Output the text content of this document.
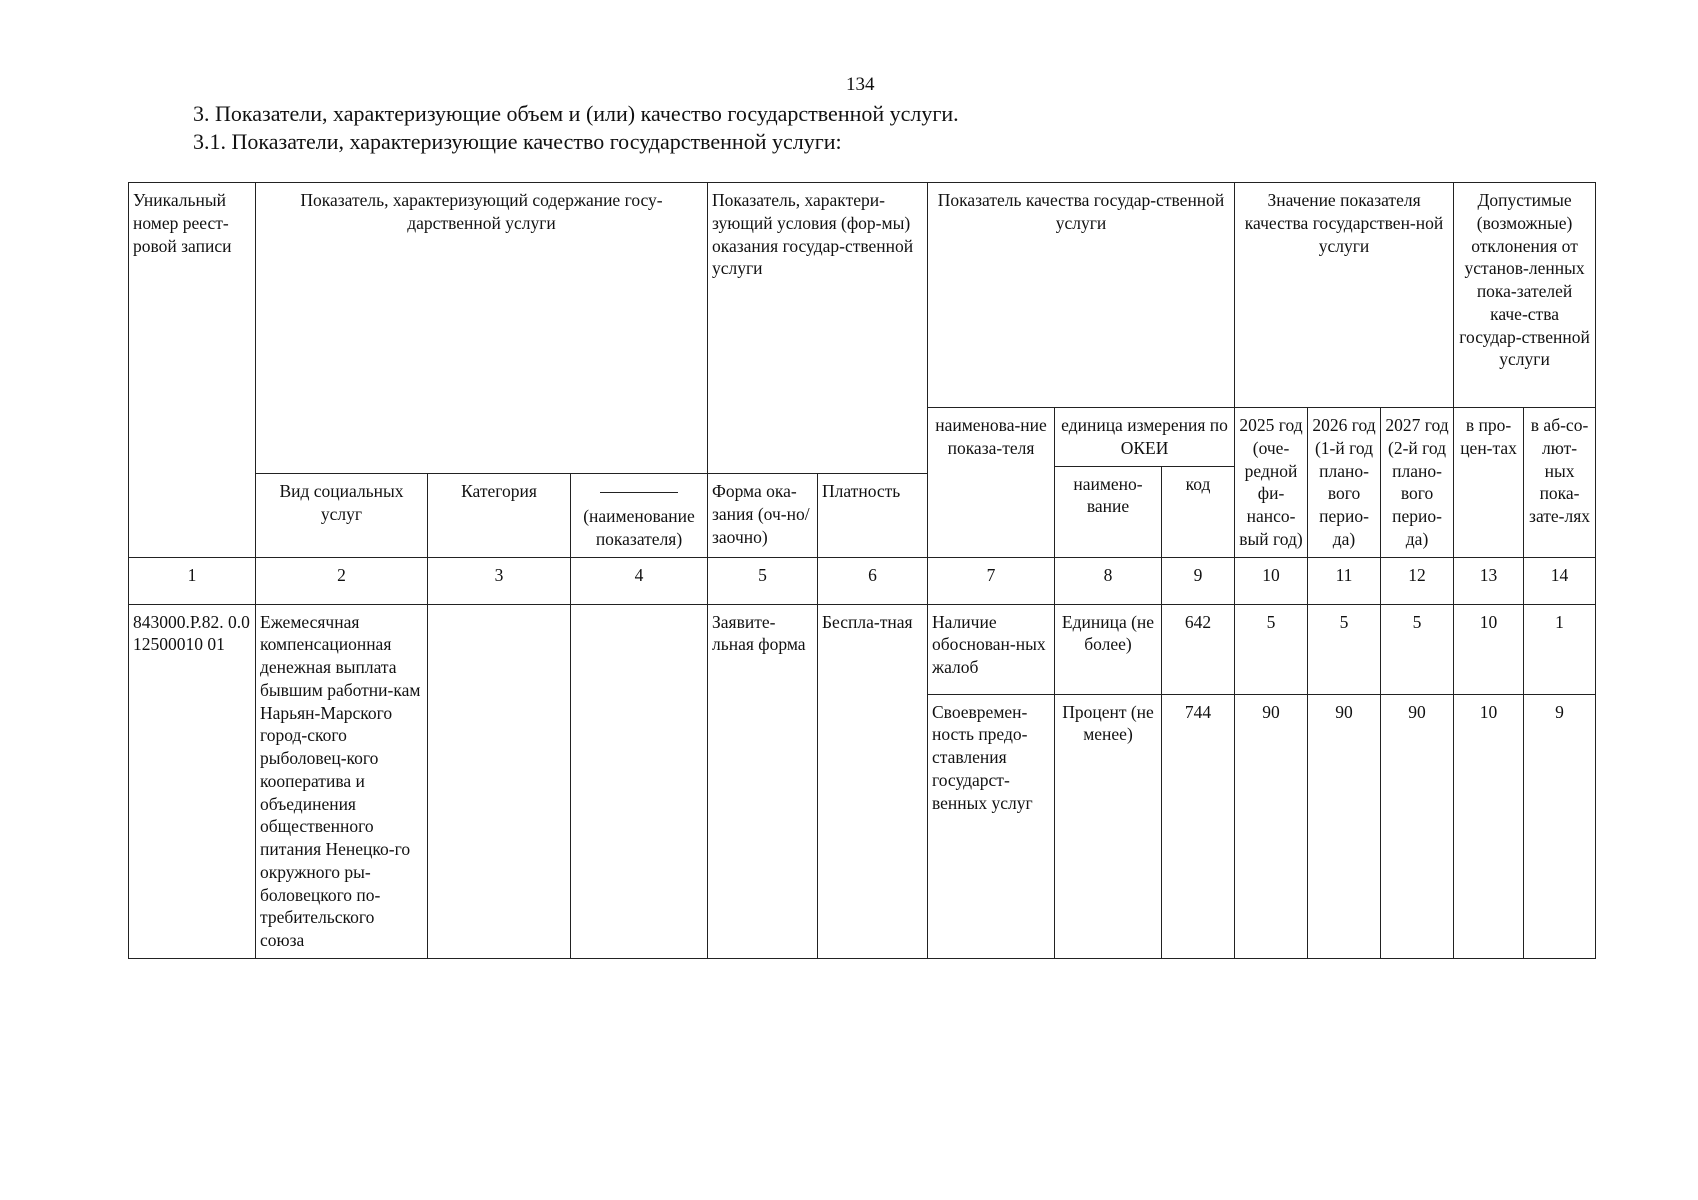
134
3. Показатели, характеризующие объем и (или) качество государственной услуги.
3.1. Показатели, характеризующие качество государственной услуги:
Уникальный номер реест-ровой записи	Показатель, характеризующий содержание госу-дарственной услуги			Показатель, характери-зующий условия (фор-мы) оказания государ-ственной услуги		Показатель качества государ-ственной услуги			Значение показателя качества государствен-ной услуги			Допустимые (возможные) отклонения от установ-ленных пока-зателей каче-ства государ-ственной услуги	
						наименова-ние показа-теля	единица измерения по ОКЕИ		2025 год (оче-редной фи-нансо-вый год)	2026 год (1-й год плано-вого перио-да)	2027 год (2-й год плано-вого перио-да)	в про-цен-тах	в аб-со-лют-ных пока-зате-лях
							наимено-вание	код					
	Вид социальных услуг	Категория	(наименование показателя)	Форма ока-зания (оч-но/заочно)	Платность								
1	2	3	4	5	6	7	8	9	10	11	12	13	14
843000.Р.82. 0.012500010 01	Ежемесячная компенсационная денежная выплата бывшим работни-кам Нарьян-Марского город-ского рыболовец-кого кооператива и объединения общественного питания Ненецко-го окружного ры-боловецкого по-требительского союза			Заявите-льная форма	Беспла-тная	Наличие обоснован-ных жалоб	Единица (не более)	642	5	5	5	10	1
						Своевремен-ность предо-ставления государст-венных услуг	Процент (не менее)	744	90	90	90	10	9
